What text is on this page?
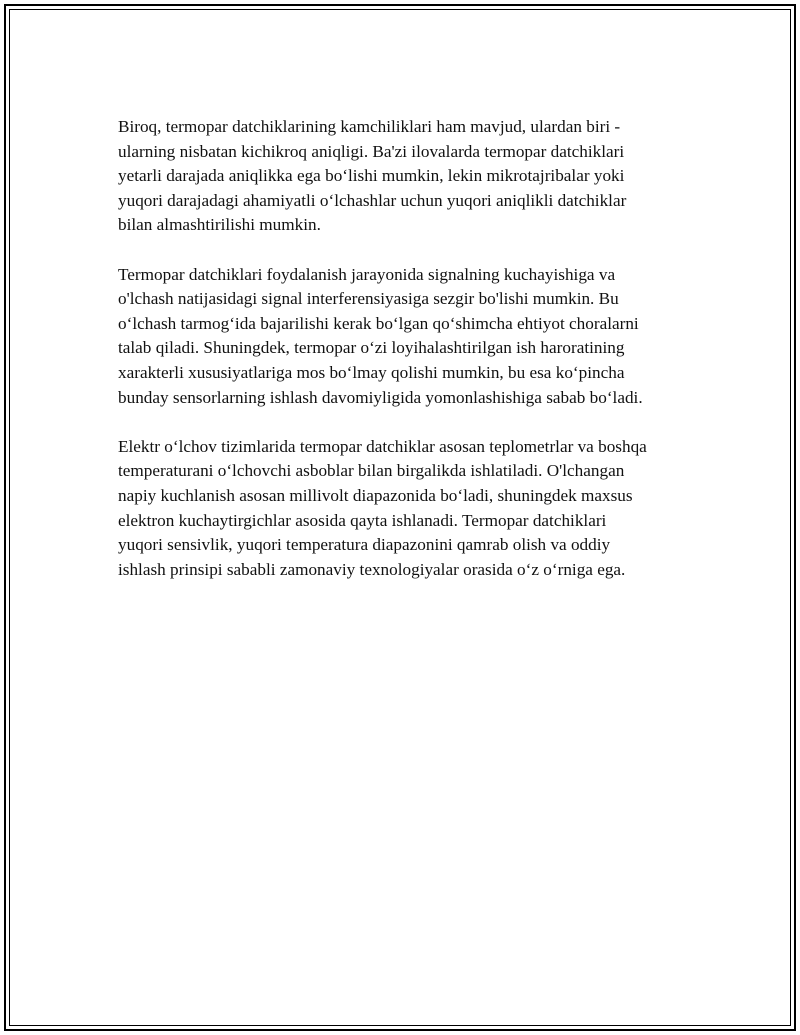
Biroq, termopar datchiklarining kamchiliklari ham mavjud, ulardan biri -
ularning nisbatan kichikroq aniqligi. Ba'zi ilovalarda termopar datchiklari
yetarli darajada aniqlikka ega bo‘lishi mumkin, lekin mikrotajribalar yoki
yuqori darajadagi ahamiyatli o‘lchashlar uchun yuqori aniqlikli datchiklar
bilan almashtirilishi mumkin.

Termopar datchiklari foydalanish jarayonida signalning kuchayishiga va
o'lchash natijasidagi signal interferensiyasiga sezgir bo'lishi mumkin. Bu
o‘lchash tarmog‘ida bajarilishi kerak bo‘lgan qo‘shimcha ehtiyot choralarni
talab qiladi. Shuningdek, termopar o‘zi loyihalashtirilgan ish haroratining
xarakterli xususiyatlariga mos bo‘lmay qolishi mumkin, bu esa ko‘pincha
bunday sensorlarning ishlash davomiyligida yomonlashishiga sabab bo‘ladi.

Elektr o‘lchov tizimlarida termopar datchiklar asosan teplometrlar va boshqa
temperaturani o‘lchovchi asboblar bilan birgalikda ishlatiladi. O'lchangan
napiy kuchlanish asosan millivolt diapazonida bo‘ladi, shuningdek maxsus
elektron kuchaytirgichlar asosida qayta ishlanadi. Termopar datchiklari
yuqori sensivlik, yuqori temperatura diapazonini qamrab olish va oddiy
ishlash prinsipi sababli zamonaviy texnologiyalar orasida o‘z o‘rniga ega.
